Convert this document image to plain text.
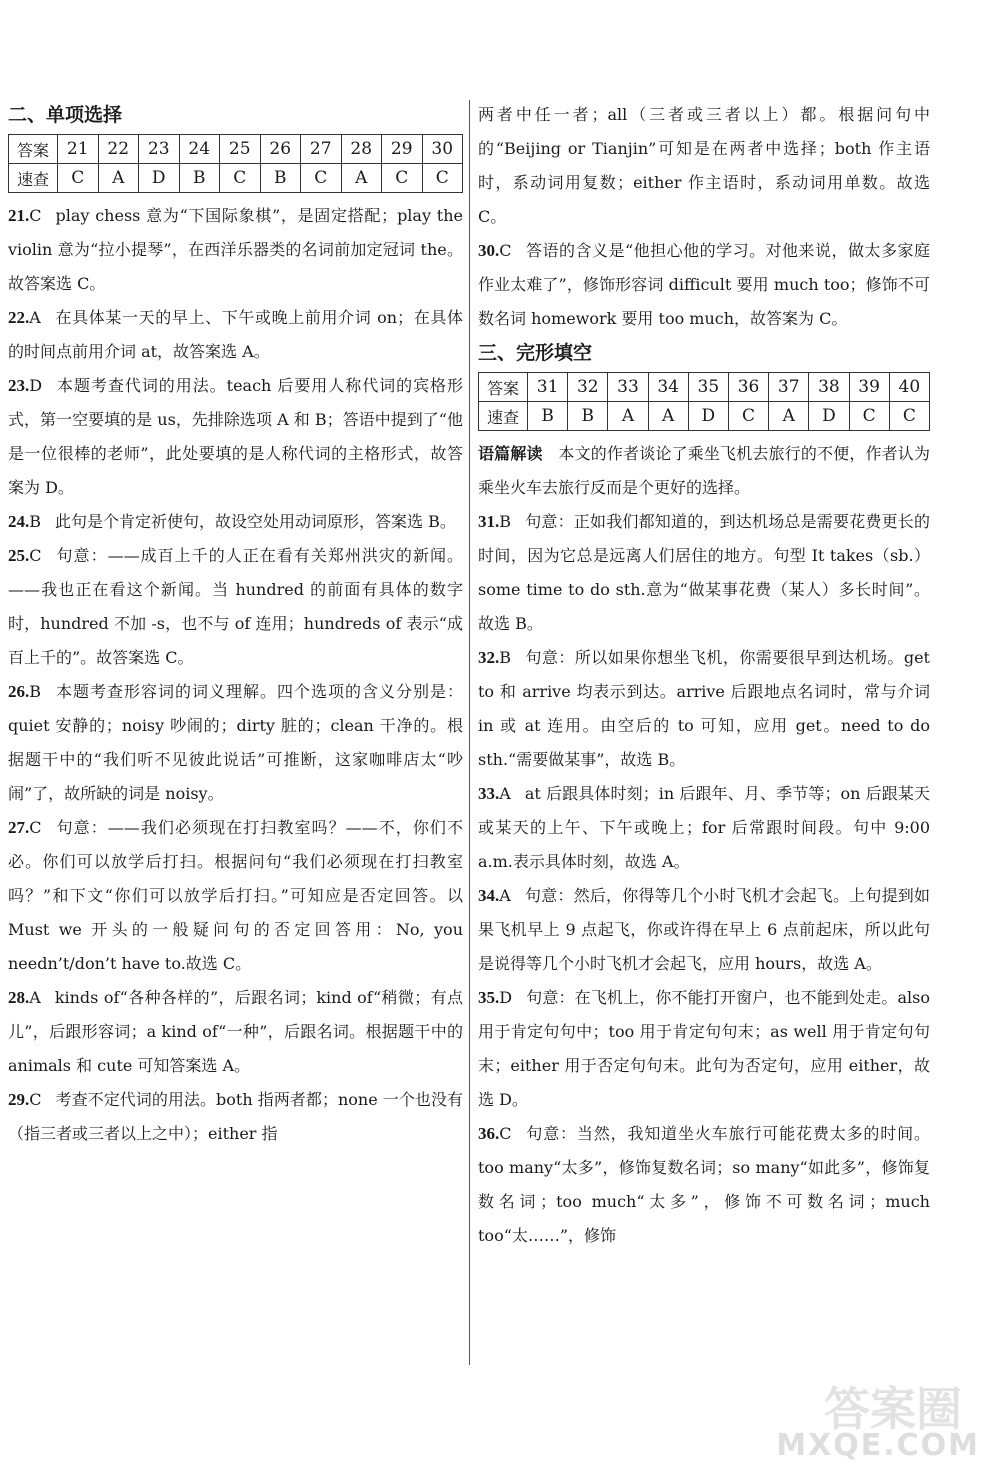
二、单项选择
答案	21	22	23	24	25	26	27	28	29	30
速查	C	A	D	B	C	B	C	A	C	C

21.C play chess 意为“下国际象棋”，是固定搭配；play the violin 意为“拉小提琴”，在西洋乐器类的名词前加定冠词 the。故答案选 C。

22.A 在具体某一天的早上、下午或晚上前用介词 on；在具体的时间点前用介词 at，故答案选 A。

23.D 本题考查代词的用法。teach 后要用人称代词的宾格形式，第一空要填的是 us，先排除选项 A 和 B；答语中提到了“他是一位很棒的老师”，此处要填的是人称代词的主格形式，故答案为 D。

24.B 此句是个肯定祈使句，故设空处用动词原形，答案选 B。

25.C 句意：——成百上千的人正在看有关郑州洪灾的新闻。——我也正在看这个新闻。当 hundred 的前面有具体的数字时，hundred 不加 -s，也不与 of 连用；hundreds of 表示“成百上千的”。故答案选 C。

26.B 本题考查形容词的词义理解。四个选项的含义分别是：quiet 安静的；noisy 吵闹的；dirty 脏的；clean 干净的。根据题干中的“我们听不见彼此说话”可推断，这家咖啡店太“吵闹”了，故所缺的词是 noisy。

27.C 句意：——我们必须现在打扫教室吗？——不，你们不必。你们可以放学后打扫。根据问句“我们必须现在打扫教室吗？”和下文“你们可以放学后打扫。”可知应是否定回答。以 Must we 开头的一般疑问句的否定回答用：No, you needn’t/don’t have to.故选 C。

28.A kinds of“各种各样的”，后跟名词；kind of“稍微；有点儿”，后跟形容词；a kind of“一种”，后跟名词。根据题干中的 animals 和 cute 可知答案选 A。

29.C 考查不定代词的用法。both 指两者都；none 一个也没有（指三者或三者以上之中）；either 指

两者中任一者；all（三者或三者以上）都。根据问句中的“Beijing or Tianjin”可知是在两者中选择；both 作主语时，系动词用复数；either 作主语时，系动词用单数。故选 C。

30.C 答语的含义是“他担心他的学习。对他来说，做太多家庭作业太难了”，修饰形容词 difficult 要用 much too；修饰不可数名词 homework 要用 too much，故答案为 C。

三、完形填空
答案	31	32	33	34	35	36	37	38	39	40
速查	B	B	A	A	D	C	A	D	C	C

语篇解读 本文的作者谈论了乘坐飞机去旅行的不便，作者认为乘坐火车去旅行反而是个更好的选择。

31.B 句意：正如我们都知道的，到达机场总是需要花费更长的时间，因为它总是远离人们居住的地方。句型 It takes（sb.）some time to do sth.意为“做某事花费（某人）多长时间”。故选 B。

32.B 句意：所以如果你想坐飞机，你需要很早到达机场。get to 和 arrive 均表示到达。arrive 后跟地点名词时，常与介词 in 或 at 连用。由空后的 to 可知，应用 get。need to do sth.“需要做某事”，故选 B。

33.A at 后跟具体时刻；in 后跟年、月、季节等；on 后跟某天或某天的上午、下午或晚上；for 后常跟时间段。句中 9:00 a.m.表示具体时刻，故选 A。

34.A 句意：然后，你得等几个小时飞机才会起飞。上句提到如果飞机早上 9 点起飞，你或许得在早上 6 点前起床，所以此句是说得等几个小时飞机才会起飞，应用 hours，故选 A。

35.D 句意：在飞机上，你不能打开窗户，也不能到处走。also 用于肯定句句中；too 用于肯定句句末；as well 用于肯定句句末；either 用于否定句句末。此句为否定句，应用 either，故选 D。

36.C 句意：当然，我知道坐火车旅行可能花费太多的时间。too many“太多”，修饰复数名词；so many“如此多”，修饰复数名词；too much“太多”，修饰不可数名词；much too“太……”，修饰

答案圈
MXQE.COM
